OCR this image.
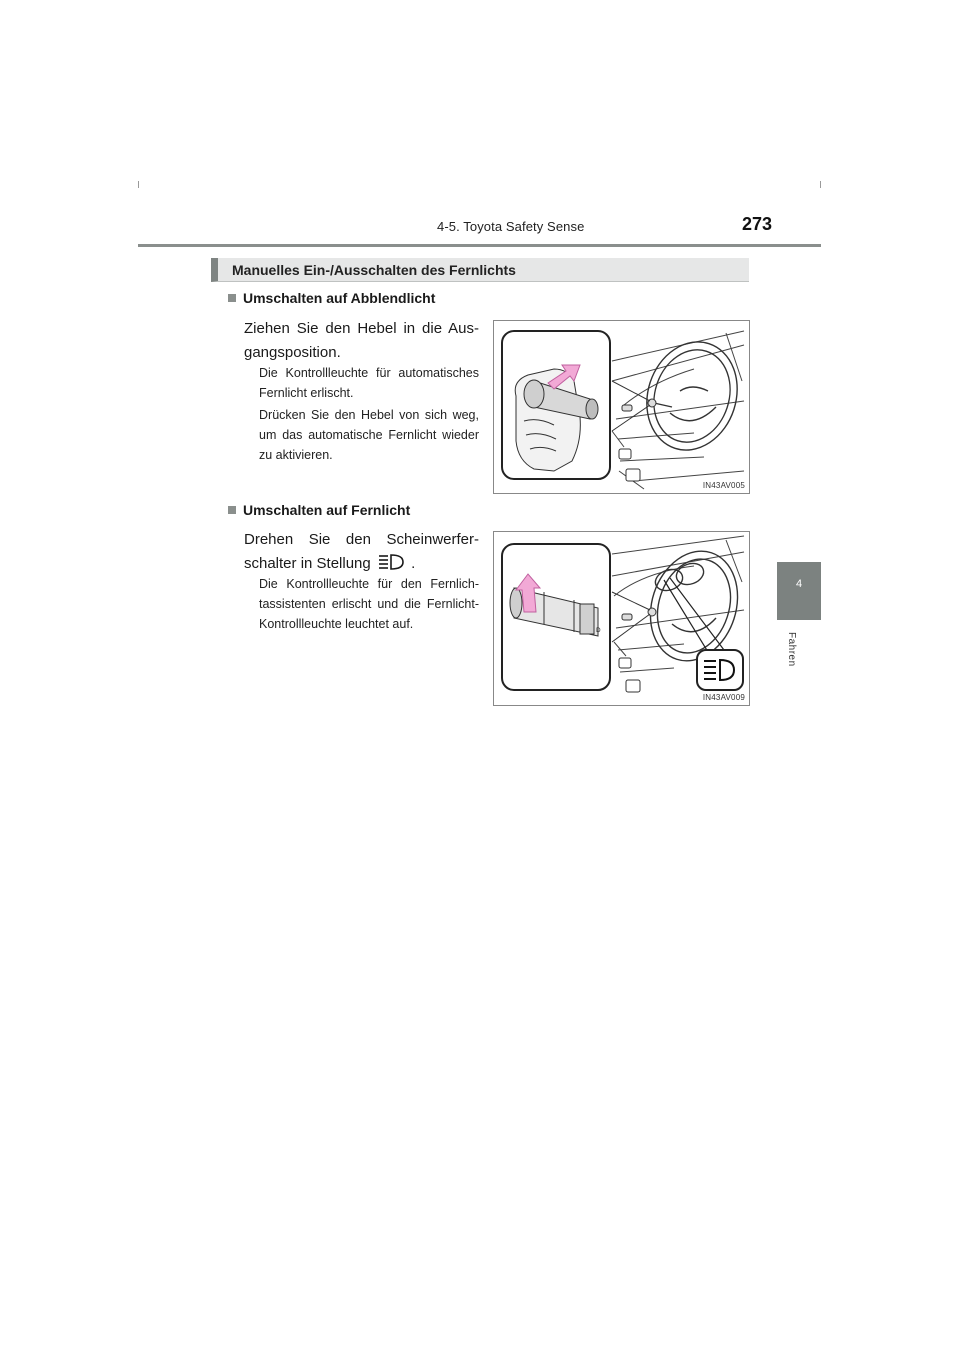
4-5. Toyota Safety Sense	273
4
Fahren
Manuelles Ein-/Ausschalten des Fernlichts
Umschalten auf Abblendlicht
Ziehen Sie den Hebel in die Ausgangsposition.
Die Kontrollleuchte für automatisches Fernlicht erlischt.
Drücken Sie den Hebel von sich weg, um das automatische Fernlicht wieder zu aktivieren.
IN43AV005
Umschalten auf Fernlicht
Drehen Sie den Scheinwerferschalter in Stellung	.
Die Kontrollleuchte für den Fernlichtassistenten erlischt und die Fernlicht-Kontrollleuchte leuchtet auf.	D
IN43AV009
